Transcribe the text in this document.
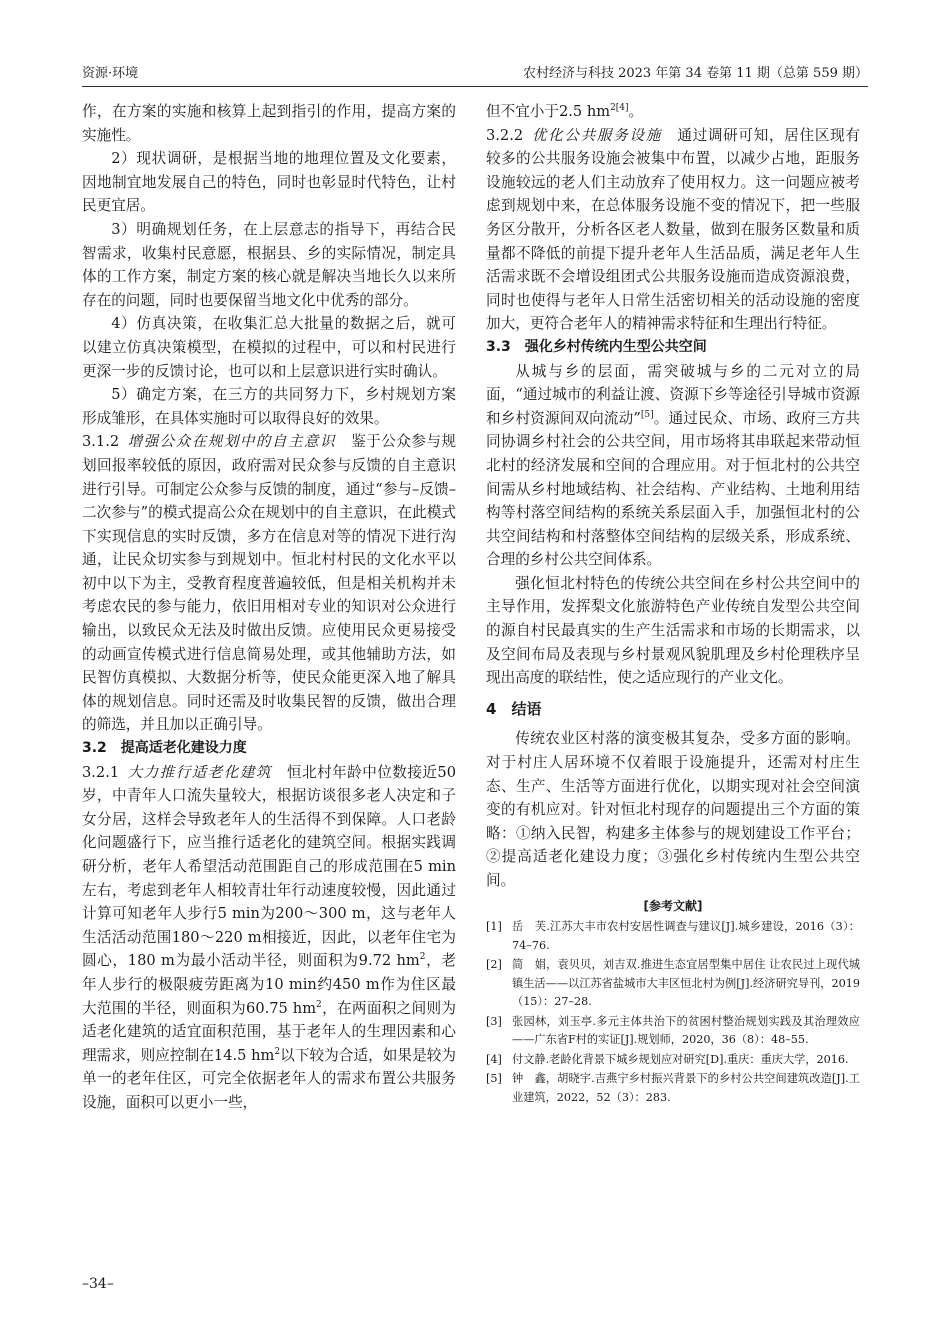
资源·环境	农村经济与科技 2023 年第 34 卷第 11 期（总第 559 期）

作，在方案的实施和核算上起到指引的作用，提高方案的实施性。

2）现状调研，是根据当地的地理位置及文化要素，因地制宜地发展自己的特色，同时也彰显时代特色，让村民更宜居。

3）明确规划任务，在上层意志的指导下，再结合民智需求，收集村民意愿，根据县、乡的实际情况，制定具体的工作方案，制定方案的核心就是解决当地长久以来所存在的问题，同时也要保留当地文化中优秀的部分。

4）仿真决策，在收集汇总大批量的数据之后，就可以建立仿真决策模型，在模拟的过程中，可以和村民进行更深一步的反馈讨论，也可以和上层意识进行实时确认。

5）确定方案，在三方的共同努力下，乡村规划方案形成雏形，在具体实施时可以取得良好的效果。

3.1.2 增强公众在规划中的自主意识　 鉴于公众参与规划回报率较低的原因，政府需对民众参与反馈的自主意识进行引导。可制定公众参与反馈的制度，通过“参与–反馈–二次参与”的模式提高公众在规划中的自主意识，在此模式下实现信息的实时反馈，多方在信息对等的情况下进行沟通，让民众切实参与到规划中。恒北村村民的文化水平以初中以下为主，受教育程度普遍较低，但是相关机构并未考虑农民的参与能力，依旧用相对专业的知识对公众进行输出，以致民众无法及时做出反馈。应使用民众更易接受的动画宣传模式进行信息简易处理，或其他辅助方法，如民智仿真模拟、大数据分析等，使民众能更深入地了解具体的规划信息。同时还需及时收集民智的反馈，做出合理的筛选，并且加以正确引导。

3.2　提高适老化建设力度

3.2.1 大力推行适老化建筑　 恒北村年龄中位数接近50岁，中青年人口流失量较大，根据访谈很多老人决定和子女分居，这样会导致老年人的生活得不到保障。人口老龄化问题盛行下，应当推行适老化的建筑空间。根据实践调研分析，老年人希望活动范围距自己的形成范围在5 min左右，考虑到老年人相较青壮年行动速度较慢，因此通过计算可知老年人步行5 min为200～300 m，这与老年人生活活动范围180～220 m相接近，因此，以老年住宅为圆心，180 m为最小活动半径，则面积为9.72 $hm^2$，老年人步行的极限疲劳距离为10 min约450 m作为住区最大范围的半径，则面积为60.75 $hm^2$，在两面积之间则为适老化建筑的适宜面积范围，基于老年人的生理因素和心理需求，则应控制在14.5 $hm^2$以下较为合适，如果是较为单一的老年住区，可完全依据老年人的需求布置公共服务设施，面积可以更小一些，

但不宜小于2.5 $hm^{2[4]}$。

3.2.2 优化公共服务设施　 通过调研可知，居住区现有较多的公共服务设施会被集中布置，以减少占地，距服务设施较远的老人们主动放弃了使用权力。这一问题应被考虑到规划中来，在总体服务设施不变的情况下，把一些服务区分散开，分析各区老人数量，做到在服务区数量和质量都不降低的前提下提升老年人生活品质，满足老年人生活需求既不会增设组团式公共服务设施而造成资源浪费，同时也使得与老年人日常生活密切相关的活动设施的密度加大，更符合老年人的精神需求特征和生理出行特征。

3.3　强化乡村传统内生型公共空间

从城与乡的层面，需突破城与乡的二元对立的局面，“通过城市的利益让渡、资源下乡等途径引导城市资源和乡村资源间双向流动”[5]。通过民众、市场、政府三方共同协调乡村社会的公共空间，用市场将其串联起来带动恒北村的经济发展和空间的合理应用。对于恒北村的公共空间需从乡村地域结构、社会结构、产业结构、土地利用结构等村落空间结构的系统关系层面入手，加强恒北村的公共空间结构和村落整体空间结构的层级关系，形成系统、合理的乡村公共空间体系。

强化恒北村特色的传统公共空间在乡村公共空间中的主导作用，发挥梨文化旅游特色产业传统自发型公共空间的源自村民最真实的生产生活需求和市场的长期需求，以及空间布局及表现与乡村景观风貌肌理及乡村伦理秩序呈现出高度的联结性，使之适应现行的产业文化。

4　 结语

传统农业区村落的演变极其复杂，受多方面的影响。对于村庄人居环境不仅着眼于设施提升，还需对村庄生态、生产、生活等方面进行优化，以期实现对社会空间演变的有机应对。针对恒北村现存的问题提出三个方面的策略：①纳入民智，构建多主体参与的规划建设工作平台；②提高适老化建设力度；③强化乡村传统内生型公共空间。

[参考文献]

[1] 岳　芙.江苏大丰市农村安居性调查与建议[J].城乡建设，2016（3）：74–76.
[2] 简　娟，袁贝贝，刘吉双.推进生态宜居型集中居住 让农民过上现代城镇生活——以江苏省盐城市大丰区恒北村为例[J].经济研究导刊，2019（15）：27–28.
[3] 张园林，刘玉亭.多元主体共治下的贫困村整治规划实践及其治理效应——广东省F村的实证[J].规划师，2020，36（8）：48–55.
[4] 付文静.老龄化背景下城乡规划应对研究[D].重庆：重庆大学，2016.
[5] 钟　鑫，胡晓宇.吉燕宁乡村振兴背景下的乡村公共空间建筑改造[J].工业建筑，2022，52（3）：283.
–34–
